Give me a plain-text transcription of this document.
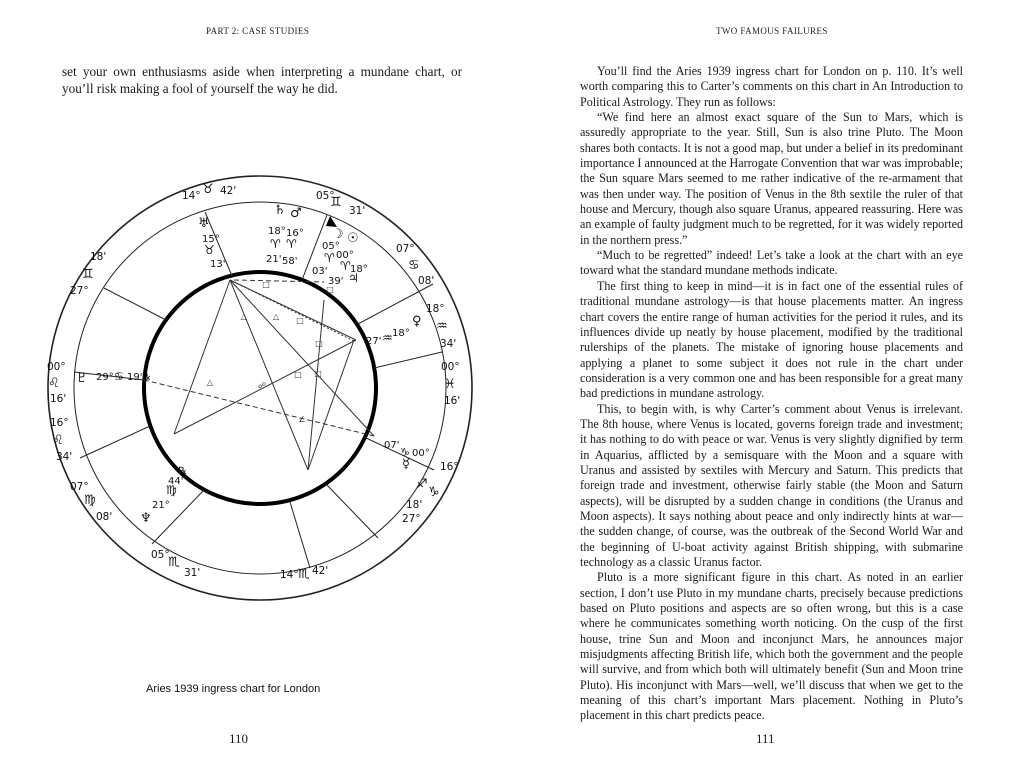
PART 2: CASE STUDIES

set your own enthusiasms aside when interpreting a mundane chart, or you’ll risk making a fool of yourself the way he did.

△	△
△
□
□
□
□
□
□
☍
∠
14° ♉ 42'	05°
♊
31'
07°
♋
08'
18°
♒
34'
00°
♓
16'
16°
♑
18'
27°
♐
14° ♏ 42'
05°
♏
31'
07°
♍
08'
16°
♌
34'
00°
♌
16'
18'
♊
27°
♅
15°
♉
13'
♄ ♂
18° 16°
♈ ♈
21' 58'
☽ ☉
05°
00°
♈
03'
39'
♈
♃
18°
♀
18°
27' ♒
♇ 29° ♋ 19' ℞
♆
21°
♍
44'
℞
07'
♑ 00°
☿
Aries 1939 ingress chart for London
110
TWO FAMOUS FAILURES

You’ll find the Aries 1939 ingress chart for London on p. 110. It’s well worth comparing this to Carter’s comments on this chart in An Introduction to Political Astrology. They run as follows:

“We find here an almost exact square of the Sun to Mars, which is assuredly appropriate to the year. Still, Sun is also trine Pluto. The Moon shares both contacts. It is not a good map, but under a belief in its predominant importance I announced at the Harrogate Convention that war was improbable; the Sun square Mars seemed to me rather indicative of the re-armament that was then under way. The position of Venus in the 8th sextile the ruler of that house and Mercury, though also square Uranus, appeared reassuring. Here was an example of faulty judgment much to be regretted, for it was widely reported in the northern press.”

“Much to be regretted” indeed! Let’s take a look at the chart with an eye toward what the standard mundane methods indicate.

The first thing to keep in mind—it is in fact one of the essential rules of traditional mundane astrology—is that house placements matter. An ingress chart covers the entire range of human activities for the period it rules, and its influences divide up neatly by house placement, modified by the traditional rulerships of the planets. The mistake of ignoring house placements and applying a planet to some subject it does not rule in the chart under consideration is a very common one and has been responsible for a great many bad predictions in mundane astrology.

This, to begin with, is why Carter’s comment about Venus is irrelevant. The 8th house, where Venus is located, governs foreign trade and investment; it has nothing to do with peace or war. Venus is very slightly dignified by term in Aquarius, afflicted by a semisquare with the Moon and a square with Uranus and assisted by sextiles with Mercury and Saturn. This predicts that foreign trade and investment, otherwise fairly stable (the Moon and Saturn aspects), will be disrupted by a sudden change in conditions (the Uranus and Moon aspects). It says nothing about peace and only indirectly hints at war—the sudden change, of course, was the outbreak of the Second World War and the beginning of U-boat activity against British shipping, with submarine technology as a classic Uranus factor.

Pluto is a more significant figure in this chart. As noted in an earlier section, I don’t use Pluto in my mundane charts, precisely because predictions based on Pluto positions and aspects are so often wrong, but this is a case where he communicates something worth noticing. On the cusp of the first house, trine Sun and Moon and inconjunct Mars, he announces major misjudgments affecting British life, which both the government and the people will survive, and from which both will ultimately benefit (Sun and Moon trine Pluto). His inconjunct with Mars—well, we’ll discuss that when we get to the meaning of this chart’s important Mars placement. Nothing in Pluto’s placement in this chart predicts peace.

111
